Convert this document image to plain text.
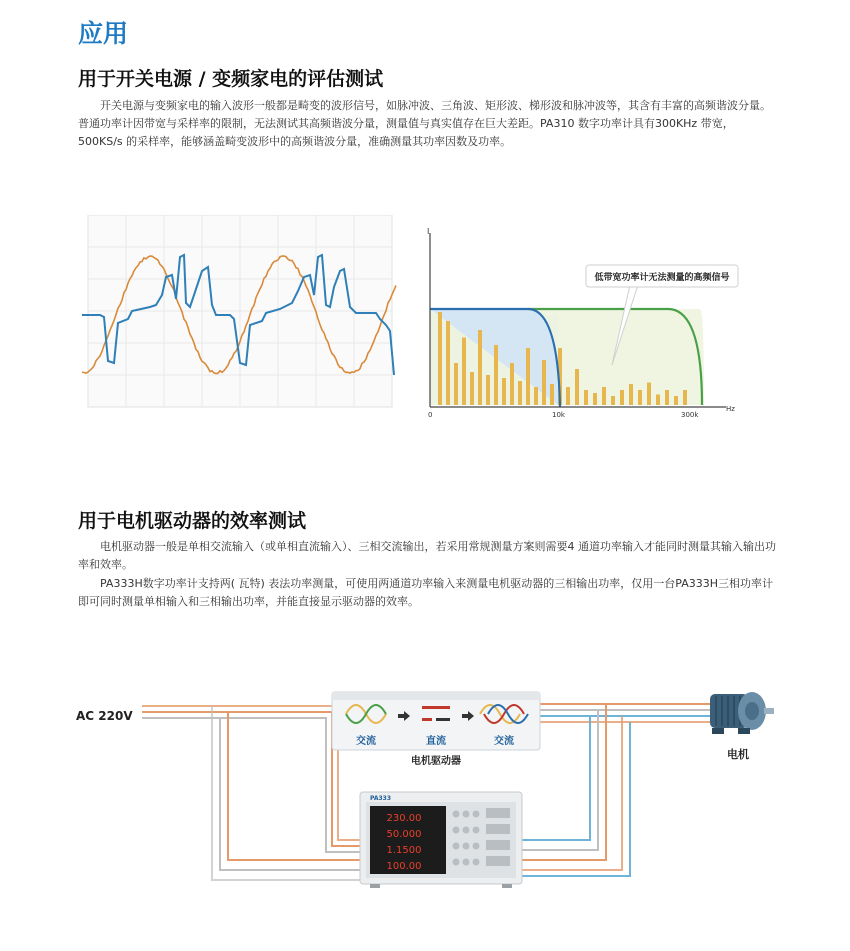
应用
用于开关电源 / 变频家电的评估测试
开关电源与变频家电的输入波形一般都是畸变的波形信号，如脉冲波、三角波、矩形波、梯形波和脉冲波等，其含有丰富的高频谐波分量。普通功率计因带宽与采样率的限制，无法测试其高频谐波分量，测量值与真实值存在巨大差距。PA310 数字功率计具有300KHz 带宽，500KS/s 的采样率，能够涵盖畸变波形中的高频谐波分量，准确测量其功率因数及功率。
I
Hz
0	10k	300k
低带宽功率计无法测量的高频信号
用于电机驱动器的效率测试
电机驱动器一般是单相交流输入（或单相直流输入）、三相交流输出，若采用常规测量方案则需要4 通道功率输入才能同时测量其输入输出功率和效率。
PA333H数字功率计支持两( 瓦特) 表法功率测量，可使用两通道功率输入来测量电机驱动器的三相输出功率，仅用一台PA333H三相功率计即可同时测量单相输入和三相输出功率，并能直接显示驱动器的效率。
AC 220V
交流	直流	交流
电机驱动器
电机
PA333
230.00
50.000
1.1500
100.00
